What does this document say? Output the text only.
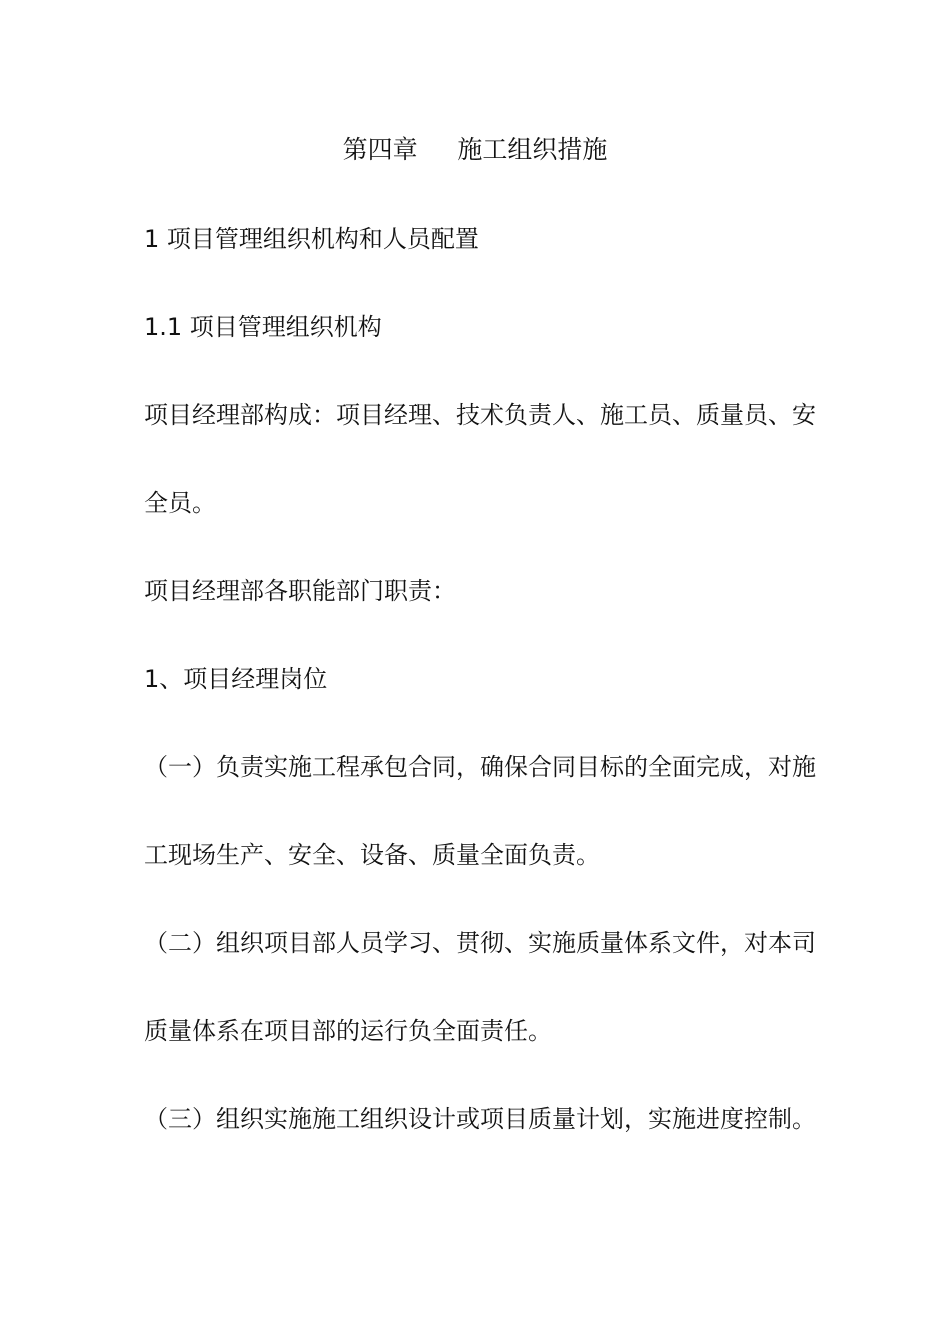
第四章     施工组织措施
1 项目管理组织机构和人员配置
1.1 项目管理组织机构
项目经理部构成：项目经理、技术负责人、施工员、质量员、安
全员。
项目经理部各职能部门职责：
1、项目经理岗位
（一）负责实施工程承包合同，确保合同目标的全面完成，对施
工现场生产、安全、设备、质量全面负责。
（二）组织项目部人员学习、贯彻、实施质量体系文件，对本司
质量体系在项目部的运行负全面责任。
（三）组织实施施工组织设计或项目质量计划，实施进度控制。
